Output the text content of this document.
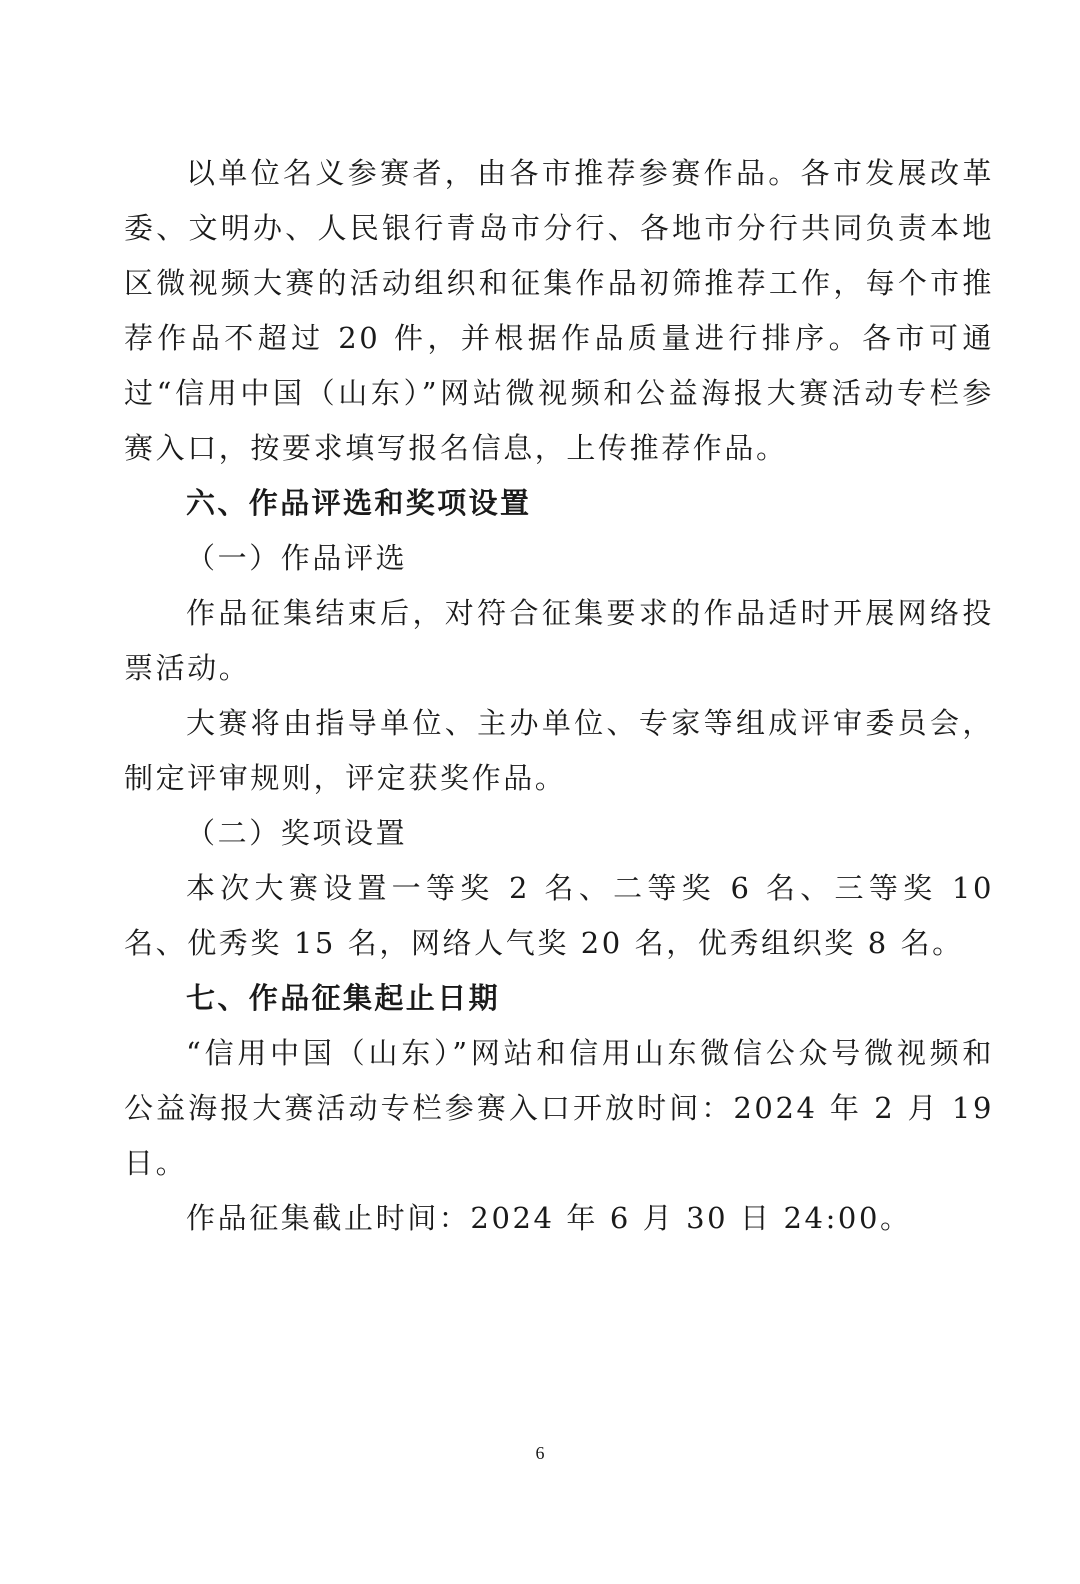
以单位名义参赛者，由各市推荐参赛作品。各市发展改革委、文明办、人民银行青岛市分行、各地市分行共同负责本地区微视频大赛的活动组织和征集作品初筛推荐工作，每个市推荐作品不超过 20 件，并根据作品质量进行排序。各市可通过“信用中国（山东）”网站微视频和公益海报大赛活动专栏参赛入口，按要求填写报名信息，上传推荐作品。

六、作品评选和奖项设置

（一）作品评选

作品征集结束后，对符合征集要求的作品适时开展网络投票活动。

大赛将由指导单位、主办单位、专家等组成评审委员会，制定评审规则，评定获奖作品。

（二）奖项设置

本次大赛设置一等奖 2 名、二等奖 6 名、三等奖 10 名、优秀奖 15 名，网络人气奖 20 名，优秀组织奖 8 名。

七、作品征集起止日期

“信用中国（山东）”网站和信用山东微信公众号微视频和公益海报大赛活动专栏参赛入口开放时间：2024 年 2 月 19 日。

作品征集截止时间：2024 年 6 月 30 日 24:00。

6
